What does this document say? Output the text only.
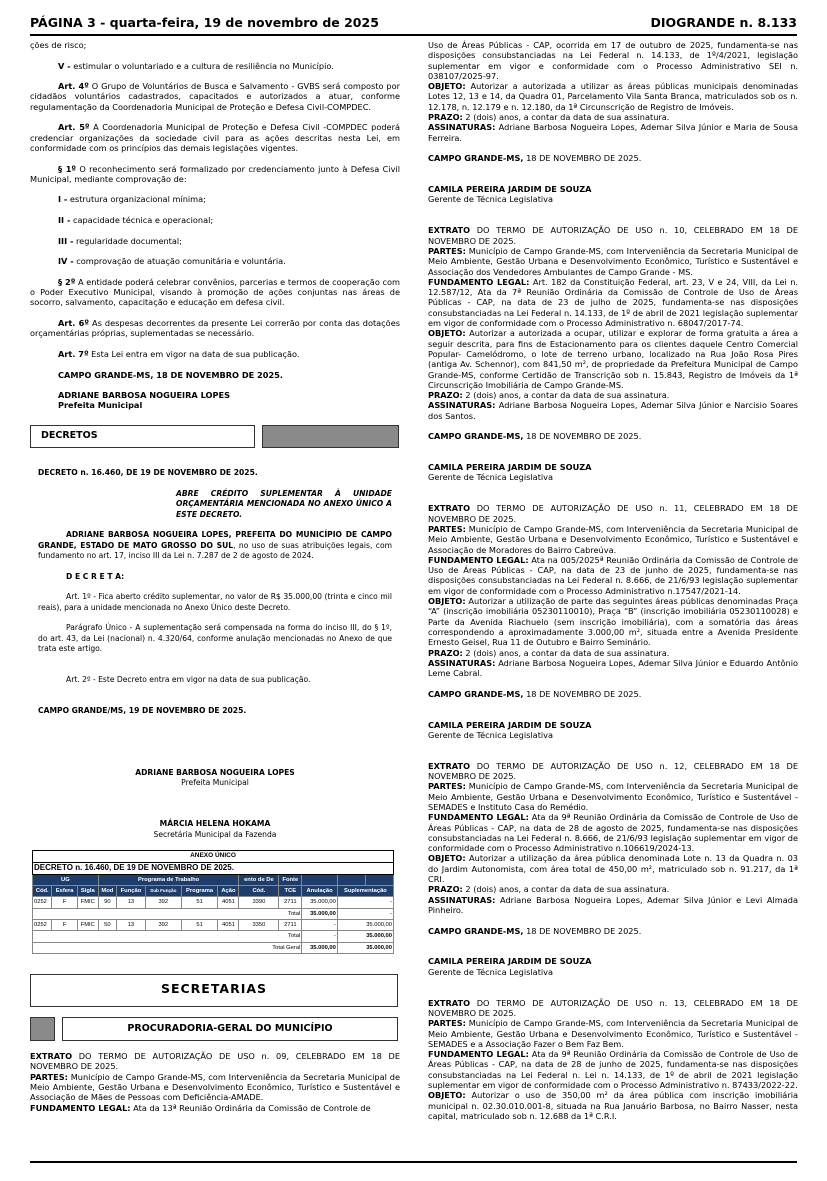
PÁGINA 3 - quarta-feira, 19 de novembro de 2025	DIOGRANDE n. 8.133
ções de risco;
V - estimular o voluntariado e a cultura de resiliência no Município.
Art. 4º O Grupo de Voluntários de Busca e Salvamento - GVBS será composto por cidadãos voluntários cadastrados, capacitados e autorizados a atuar, conforme regulamentação da Coordenadoria Municipal de Proteção e Defesa Civil-COMPDEC.
Art. 5º A Coordenadoria Municipal de Proteção e Defesa Civil -COMPDEC poderá credenciar organizações da sociedade civil para as ações descritas nesta Lei, em conformidade com os princípios das demais legislações vigentes.
§ 1º O reconhecimento será formalizado por credenciamento junto à Defesa Civil Municipal, mediante comprovação de:
I - estrutura organizacional mínima;
II - capacidade técnica e operacional;
III - regularidade documental;
IV - comprovação de atuação comunitária e voluntária.
§ 2º A entidade poderá celebrar convênios, parcerias e termos de cooperação com o Poder Executivo Municipal, visando à promoção de ações conjuntas nas áreas de socorro, salvamento, capacitação e educação em defesa civil.
Art. 6º As despesas decorrentes da presente Lei correrão por conta das dotações orçamentárias próprias, suplementadas se necessário.
Art. 7º Esta Lei entra em vigor na data de sua publicação.
CAMPO GRANDE-MS, 18 DE NOVEMBRO DE 2025.
ADRIANE BARBOSA NOGUEIRA LOPES
Prefeita Municipal
DECRETOS
DECRETO n. 16.460, DE 19 DE NOVEMBRO DE 2025.
ABRE CRÉDITO SUPLEMENTAR À UNIDADE ORÇAMENTÁRIA MENCIONADA NO ANEXO ÚNICO A ESTE DECRETO.
ADRIANE BARBOSA NOGUEIRA LOPES, PREFEITA DO MUNICÍPIO DE CAMPO GRANDE, ESTADO DE MATO GROSSO DO SUL, no uso de suas atribuições legais, com fundamento no art. 17, inciso III da Lei n. 7.287 de 2 de agosto de 2024.
D E C R E T A:
Art. 1º - Fica aberto crédito suplementar, no valor de R$ 35.000,00 (trinta e cinco mil reais), para a unidade mencionada no Anexo Único deste Decreto.
Parágrafo Único - A suplementação será compensada na forma do inciso III, do § 1º, do art. 43, da Lei (nacional) n. 4.320/64, conforme anulação mencionadas no Anexo de que trata este artigo.
Art. 2º - Este Decreto entra em vigor na data de sua publicação.
CAMPO GRANDE/MS, 19 DE NOVEMBRO DE 2025.
ADRIANE BARBOSA NOGUEIRA LOPES
Prefeita Municipal
MÁRCIA HELENA HOKAMA
Secretária Municipal da Fazenda
ANEXO ÚNICO
DECRETO n. 16.460, DE 19 DE NOVEMBRO DE 2025.												
UG			Programa de Trabalho					ento de De	Fonte			
Cód.	Esfera	Sigla	Mod	Função	Sub Função	Programa	Ação	Cód.	TCE	Anulação	Suplementação	
0252	F	FMIC	90	13	392	51	4051	3390	2711	35.000,00	-	
Total										35.000,00	-	
0252	F	FMIC	50	13	392	51	4051	3350	2711	-	35.000,00	
Total										-	35.000,00	
Total Geral										35.000,00	35.000,00	
SECRETARIAS
PROCURADORIA-GERAL DO MUNICÍPIO
EXTRATO DO TERMO DE AUTORIZAÇÃO DE USO n. 09, CELEBRADO EM 18 DE NOVEMBRO DE 2025.
PARTES: Município de Campo Grande-MS, com Interveniência da Secretaria Municipal de Meio Ambiente, Gestão Urbana e Desenvolvimento Econômico, Turístico e Sustentável e Associação de Mães de Pessoas com Deficiência-AMADE.
FUNDAMENTO LEGAL: Ata da 13ª Reunião Ordinária da Comissão de Controle de
Uso de Áreas Públicas - CAP, ocorrida em 17 de outubro de 2025, fundamenta-se nas disposições consubstanciadas na Lei Federal n. 14.133, de 1º/4/2021, legislação suplementar em vigor e conformidade com o Processo Administrativo SEI n. 038107/2025-97.
OBJETO: Autorizar a autorizada a utilizar as áreas públicas municipais denominadas Lotes 12, 13 e 14, da Quadra 01, Parcelamento Vila Santa Branca, matriculados sob os n. 12.178, n. 12.179 e n. 12.180, da 1ª Circunscrição de Registro de Imóveis.
PRAZO: 2 (dois) anos, a contar da data de sua assinatura.
ASSINATURAS: Adriane Barbosa Nogueira Lopes, Ademar Silva Júnior e Maria de Sousa Ferreira.
CAMPO GRANDE-MS, 18 DE NOVEMBRO DE 2025.
CAMILA PEREIRA JARDIM DE SOUZA
Gerente de Técnica Legislativa
EXTRATO DO TERMO DE AUTORIZAÇÃO DE USO n. 10, CELEBRADO EM 18 DE NOVEMBRO DE 2025.
PARTES: Município de Campo Grande-MS, com Interveniência da Secretaria Municipal de Meio Ambiente, Gestão Urbana e Desenvolvimento Econômico, Turístico e Sustentável e Associação dos Vendedores Ambulantes de Campo Grande - MS.
FUNDAMENTO LEGAL: Art. 182 da Constituição Federal, art. 23, V e 24, VIII, da Lei n. 12.587/12, Ata da 7ª Reunião Ordinária da Comissão de Controle de Uso de Áreas Públicas - CAP, na data de 23 de julho de 2025, fundamenta-se nas disposições consubstanciadas na Lei Federal n. 14.133, de 1º de abril de 2021 legislação suplementar em vigor de conformidade com o Processo Administrativo n. 68047/2017-74.
OBJETO: Autorizar a autorizada a ocupar, utilizar e explorar de forma gratuita a área a seguir descrita, para fins de Estacionamento para os clientes daquele Centro Comercial Popular- Camelódromo, o lote de terreno urbano, localizado na Rua João Rosa Pires (antiga Av. Schennor), com 841,50 m², de propriedade da Prefeitura Municipal de Campo Grande-MS, conforme Certidão de Transcrição sob n. 15.843, Registro de Imóveis da 1ª Circunscrição Imobiliária de Campo Grande-MS.
PRAZO: 2 (dois) anos, a contar da data de sua assinatura.
ASSINATURAS: Adriane Barbosa Nogueira Lopes, Ademar Silva Júnior e Narcisio Soares dos Santos.
CAMPO GRANDE-MS, 18 DE NOVEMBRO DE 2025.
CAMILA PEREIRA JARDIM DE SOUZA
Gerente de Técnica Legislativa
EXTRATO DO TERMO DE AUTORIZAÇÃO DE USO n. 11, CELEBRADO EM 18 DE NOVEMBRO DE 2025.
PARTES: Município de Campo Grande-MS, com Interveniência da Secretaria Municipal de Meio Ambiente, Gestão Urbana e Desenvolvimento Econômico, Turístico e Sustentável e Associação de Moradores do Bairro Cabreúva.
FUNDAMENTO LEGAL: Ata na 005/2025ª Reunião Ordinária da Comissão de Controle de Uso de Áreas Públicas - CAP, na data de 23 de junho de 2025, fundamenta-se nas disposições consubstanciadas na Lei Federal n. 8.666, de 21/6/93 legislação suplementar em vigor de conformidade com o Processo Administrativo n.17547/2021-14.
OBJETO: Autorizar a utilização de parte das seguintes áreas públicas denominadas Praça “A” (inscrição imobiliária 05230110010), Praça “B” (inscrição imobiliária 05230110028) e Parte da Avenida Riachuelo (sem inscrição imobiliária), com a somatória das áreas correspondendo a aproximadamente 3.000,00 m², situada entre a Avenida Presidente Ernesto Geisel, Rua 11 de Outubro e Bairro Seminário.
PRAZO: 2 (dois) anos, a contar da data de sua assinatura.
ASSINATURAS: Adriane Barbosa Nogueira Lopes, Ademar Silva Júnior e Eduardo Antônio Leme Cabral.
CAMPO GRANDE-MS, 18 DE NOVEMBRO DE 2025.
CAMILA PEREIRA JARDIM DE SOUZA
Gerente de Técnica Legislativa
EXTRATO DO TERMO DE AUTORIZAÇÃO DE USO n. 12, CELEBRADO EM 18 DE NOVEMBRO DE 2025.
PARTES: Município de Campo Grande-MS, com Interveniência da Secretaria Municipal de Meio Ambiente, Gestão Urbana e Desenvolvimento Econômico, Turístico e Sustentável - SEMADES e Instituto Casa do Remédio.
FUNDAMENTO LEGAL: Ata da 9ª Reunião Ordinária da Comissão de Controle de Uso de Áreas Públicas - CAP, na data de 28 de agosto de 2025, fundamenta-se nas disposições consubstanciadas na Lei Federal n. 8.666, de 21/6/93 legislação suplementar em vigor de conformidade com o Processo Administrativo n.106619/2024-13.
OBJETO: Autorizar a utilização da área pública denominada Lote n. 13 da Quadra n. 03 do Jardim Autonomista, com área total de 450,00 m², matriculado sob n. 91.217, da 1ª CRI.
PRAZO: 2 (dois) anos, a contar da data de sua assinatura.
ASSINATURAS: Adriane Barbosa Nogueira Lopes, Ademar Silva Júnior e Levi Almada Pinheiro.
CAMPO GRANDE-MS, 18 DE NOVEMBRO DE 2025.
CAMILA PEREIRA JARDIM DE SOUZA
Gerente de Técnica Legislativa
EXTRATO DO TERMO DE AUTORIZAÇÃO DE USO n. 13, CELEBRADO EM 18 DE NOVEMBRO DE 2025.
PARTES: Município de Campo Grande-MS, com Interveniência da Secretaria Municipal de Meio Ambiente, Gestão Urbana e Desenvolvimento Econômico, Turístico e Sustentável - SEMADES e a Associação Fazer o Bem Faz Bem.
FUNDAMENTO LEGAL: Ata da 9ª Reunião Ordinária da Comissão de Controle de Uso de Áreas Públicas - CAP, na data de 28 de junho de 2025, fundamenta-se nas disposições consubstanciadas na Lei Federal n. Lei n. 14.133, de 1º de abril de 2021 legislação suplementar em vigor de conformidade com o Processo Administrativo n. 87433/2022-22.
OBJETO: Autorizar o uso de 350,00 m² da área pública com inscrição imobiliária municipal n. 02.30.010.001-8, situada na Rua Januário Barbosa, no Bairro Nasser, nesta capital, matriculado sob n. 12.688 da 1ª C.R.I.
